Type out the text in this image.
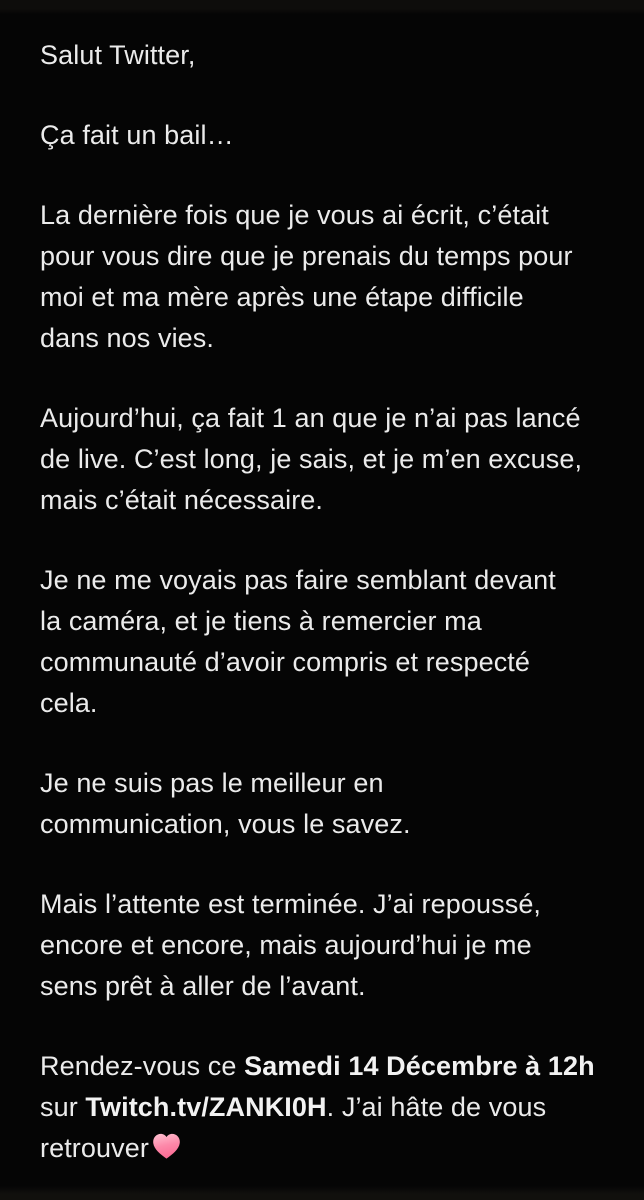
Salut Twitter,
Ça fait un bail…
La dernière fois que je vous ai écrit, c’était
pour vous dire que je prenais du temps pour
moi et ma mère après une étape difficile
dans nos vies.
Aujourd’hui, ça fait 1 an que je n’ai pas lancé
de live. C’est long, je sais, et je m’en excuse,
mais c’était nécessaire.
Je ne me voyais pas faire semblant devant
la caméra, et je tiens à remercier ma
communauté d’avoir compris et respecté
cela.
Je ne suis pas le meilleur en
communication, vous le savez.
Mais l’attente est terminée. J’ai repoussé,
encore et encore, mais aujourd’hui je me
sens prêt à aller de l’avant.
Rendez-vous ce Samedi 14 Décembre à 12h
sur Twitch.tv/ZANKI0H. J’ai hâte de vous
retrouver
